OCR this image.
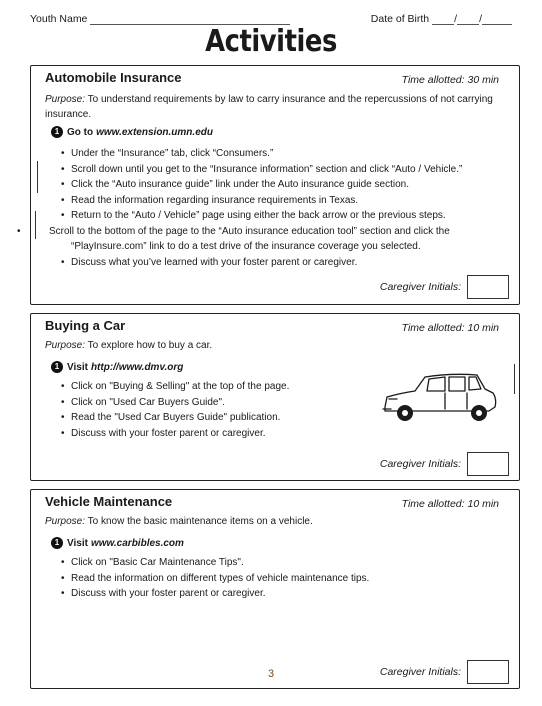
Youth Name	Date of Birth / /
Activities
Automobile Insurance	Time allotted: 30 min
Purpose: To understand requirements by law to carry insurance and the repercussions of not carrying insurance.
1 Go to www.extension.umn.edu
• Under the “Insurance” tab, click “Consumers.”
• Scroll down until you get to the “Insurance information” section and click “Auto / Vehicle.”
• Click the “Auto insurance guide” link under the Auto insurance guide section.
• Read the information regarding insurance requirements in Texas.
• Return to the “Auto / Vehicle” page using either the back arrow or the previous steps.
• Scroll to the bottom of the page to the “Auto insurance education tool” section and click the “PlayInsure.com” link to do a test drive of the insurance coverage you selected.
• Discuss what you’ve learned with your foster parent or caregiver.
Caregiver Initials:
Buying a Car	Time allotted: 10 min
Purpose: To explore how to buy a car.
1 Visit http://www.dmv.org
• Click on "Buying & Selling" at the top of the page.
• Click on "Used Car Buyers Guide".
• Read the "Used Car Buyers Guide" publication.
• Discuss with your foster parent or caregiver.
Caregiver Initials:
Vehicle Maintenance	Time allotted: 10 min
Purpose: To know the basic maintenance items on a vehicle.
1 Visit www.carbibles.com
• Click on "Basic Car Maintenance Tips".
• Read the information on different types of vehicle maintenance tips.
• Discuss with your foster parent or caregiver.
Caregiver Initials:
3
